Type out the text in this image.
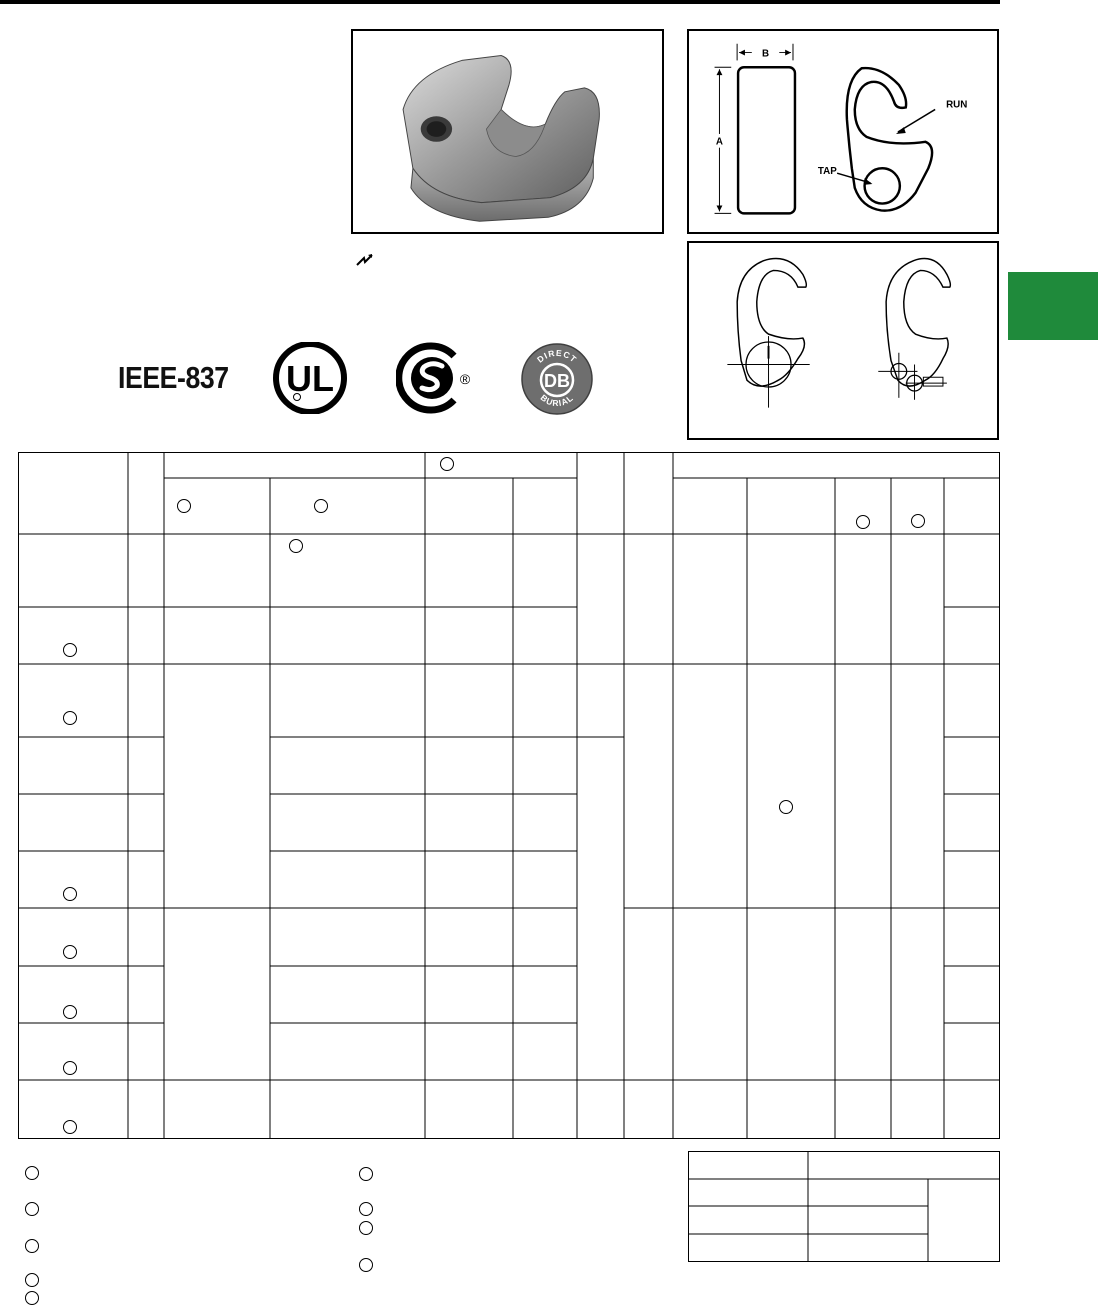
B
A
RUN
TAP
IEEE-837 UL	®
DIRECT
BURIAL
DB
